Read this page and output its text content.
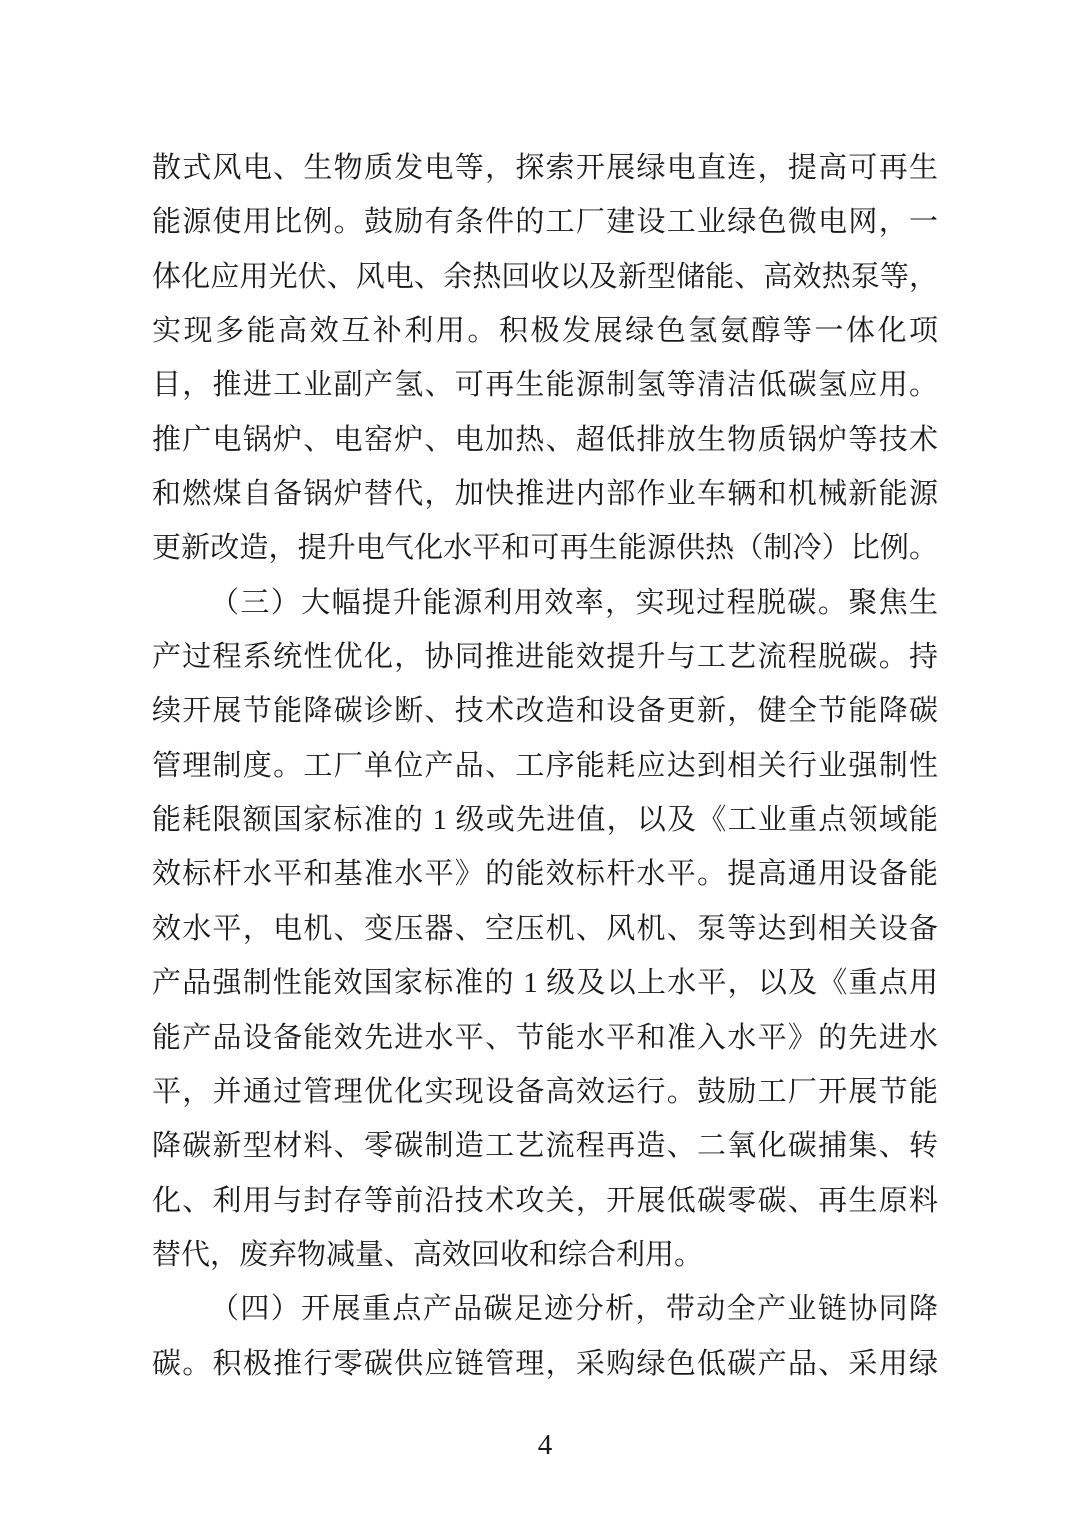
散式风电、生物质发电等，探索开展绿电直连，提高可再生
能源使用比例。鼓励有条件的工厂建设工业绿色微电网，一
体化应用光伏、风电、余热回收以及新型储能、高效热泵等，
实现多能高效互补利用。积极发展绿色氢氨醇等一体化项
目，推进工业副产氢、可再生能源制氢等清洁低碳氢应用。
推广电锅炉、电窑炉、电加热、超低排放生物质锅炉等技术
和燃煤自备锅炉替代，加快推进内部作业车辆和机械新能源
更新改造，提升电气化水平和可再生能源供热（制冷）比例。
（三）大幅提升能源利用效率，实现过程脱碳。聚焦生
产过程系统性优化，协同推进能效提升与工艺流程脱碳。持
续开展节能降碳诊断、技术改造和设备更新，健全节能降碳
管理制度。工厂单位产品、工序能耗应达到相关行业强制性
能耗限额国家标准的 1 级或先进值，以及《工业重点领域能
效标杆水平和基准水平》的能效标杆水平。提高通用设备能
效水平，电机、变压器、空压机、风机、泵等达到相关设备
产品强制性能效国家标准的 1 级及以上水平，以及《重点用
能产品设备能效先进水平、节能水平和准入水平》的先进水
平，并通过管理优化实现设备高效运行。鼓励工厂开展节能
降碳新型材料、零碳制造工艺流程再造、二氧化碳捕集、转
化、利用与封存等前沿技术攻关，开展低碳零碳、再生原料
替代，废弃物减量、高效回收和综合利用。
（四）开展重点产品碳足迹分析，带动全产业链协同降
碳。积极推行零碳供应链管理，采购绿色低碳产品、采用绿
4
